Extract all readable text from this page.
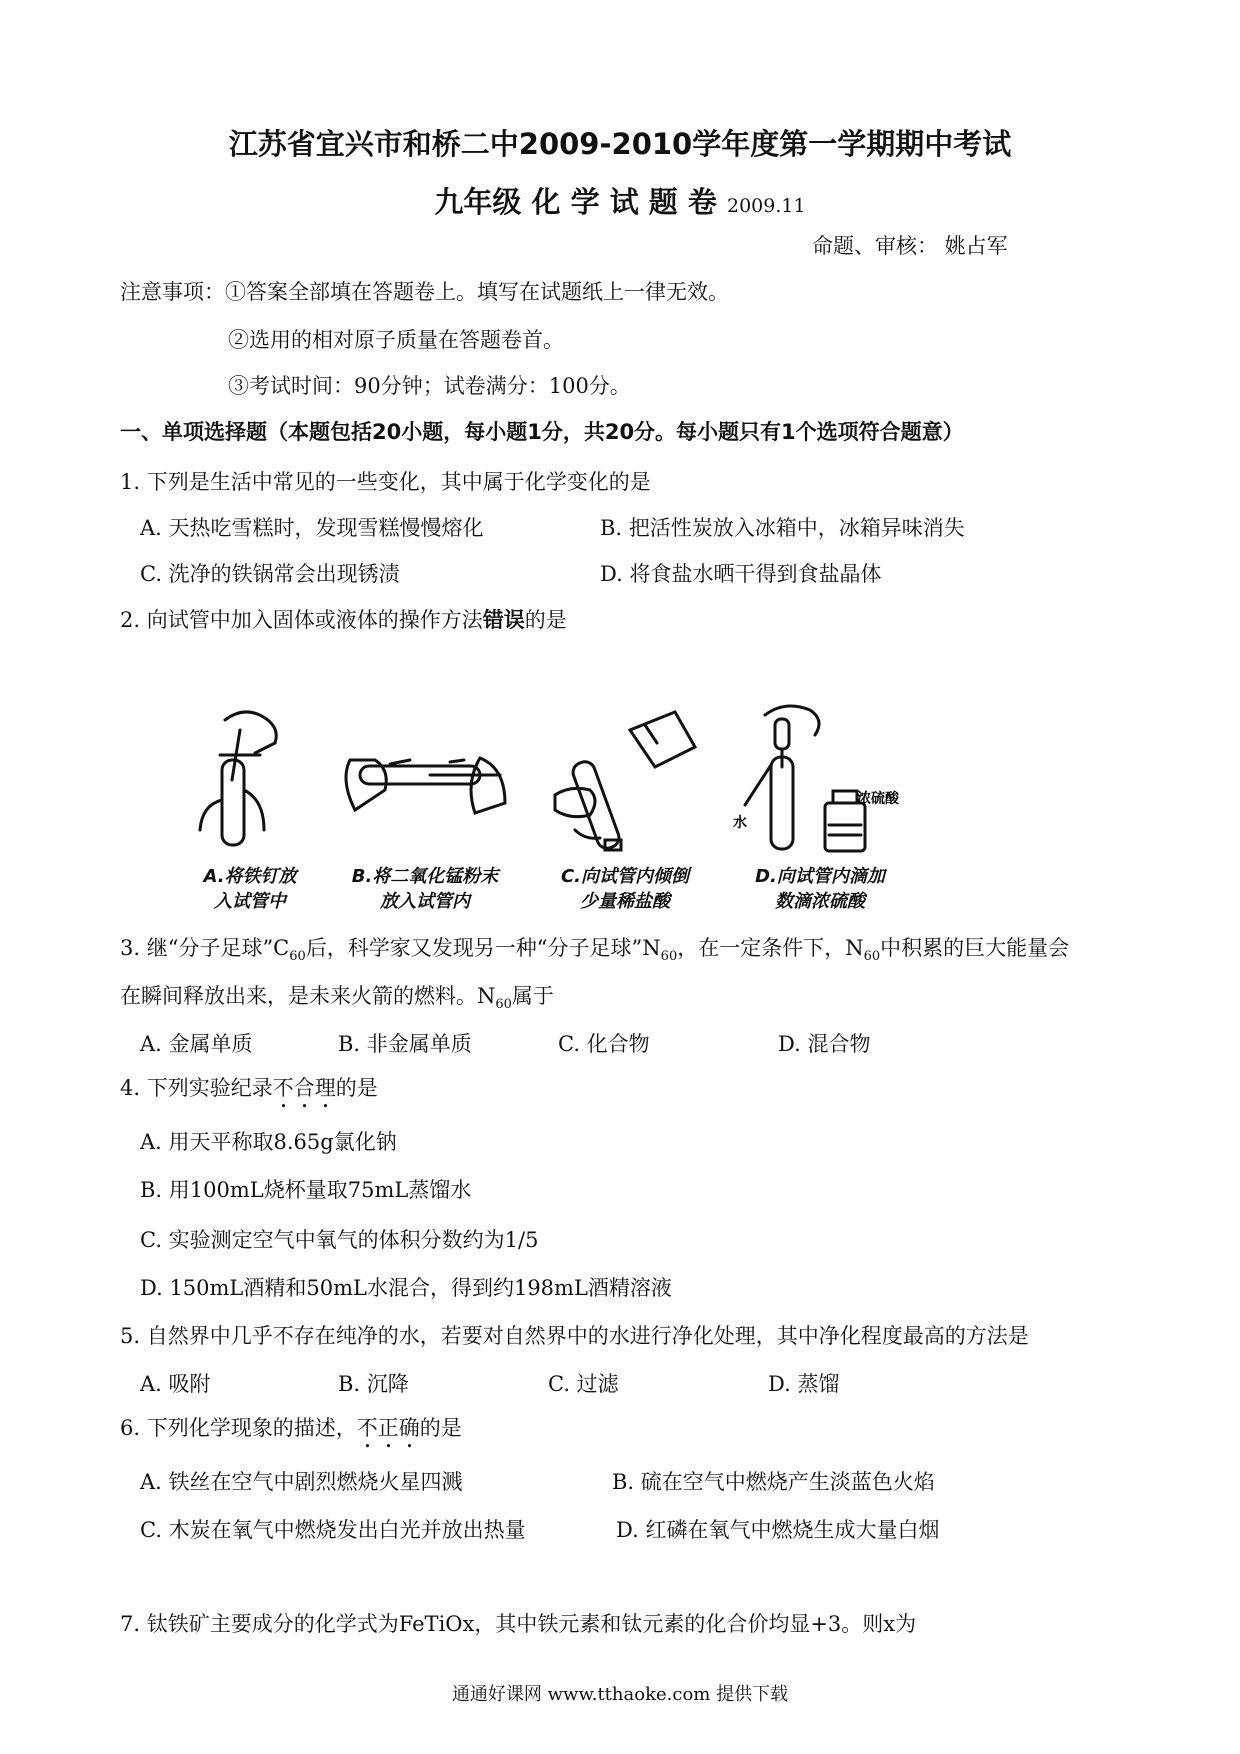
江苏省宜兴市和桥二中2009-2010学年度第一学期期中考试
九年级 化 学 试 题 卷 2009.11
命题、审核： 姚占军
注意事项：①答案全部填在答题卷上。填写在试题纸上一律无效。
②选用的相对原子质量在答题卷首。
③考试时间：90分钟；试卷满分：100分。
一、单项选择题（本题包括20小题，每小题1分，共20分。每小题只有1个选项符合题意）
1. 下列是生活中常见的一些变化，其中属于化学变化的是
A. 天热吃雪糕时，发现雪糕慢慢熔化	B. 把活性炭放入冰箱中，冰箱异味消失
C. 洗净的铁锅常会出现锈渍	D. 将食盐水晒干得到食盐晶体
2. 向试管中加入固体或液体的操作方法错误的是
A.将铁钉放
入试管中
B.将二氧化锰粉末
放入试管内
C.向试管内倾倒
少量稀盐酸
水
浓硫酸
D.向试管内滴加
数滴浓硫酸
3. 继“分子足球$”C_{60}$后，科学家又发现另一种“分子足球$”N_{60}$，在一定条件下，$N_{60}$中积累的巨大能量会
在瞬间释放出来，是未来火箭的燃料。$N_{60}$属于
A. 金属单质	B. 非金属单质	C. 化合物	D. 混合物
4. 下列实验纪录不合理的是
A. 用天平称取8.65g氯化钠
B. 用100mL烧杯量取75mL蒸馏水
C. 实验测定空气中氧气的体积分数约为1/5
D. 150mL酒精和50mL水混合，得到约198mL酒精溶液
5. 自然界中几乎不存在纯净的水，若要对自然界中的水进行净化处理，其中净化程度最高的方法是
A. 吸附	B. 沉降	C. 过滤	D. 蒸馏
6. 下列化学现象的描述，不正确的是
A. 铁丝在空气中剧烈燃烧火星四溅	B. 硫在空气中燃烧产生淡蓝色火焰
C. 木炭在氧气中燃烧发出白光并放出热量	D. 红磷在氧气中燃烧生成大量白烟
7. 钛铁矿主要成分的化学式为FeTiOx，其中铁元素和钛元素的化合价均显+3。则x为
通通好课网 www.tthaoke.com 提供下载
